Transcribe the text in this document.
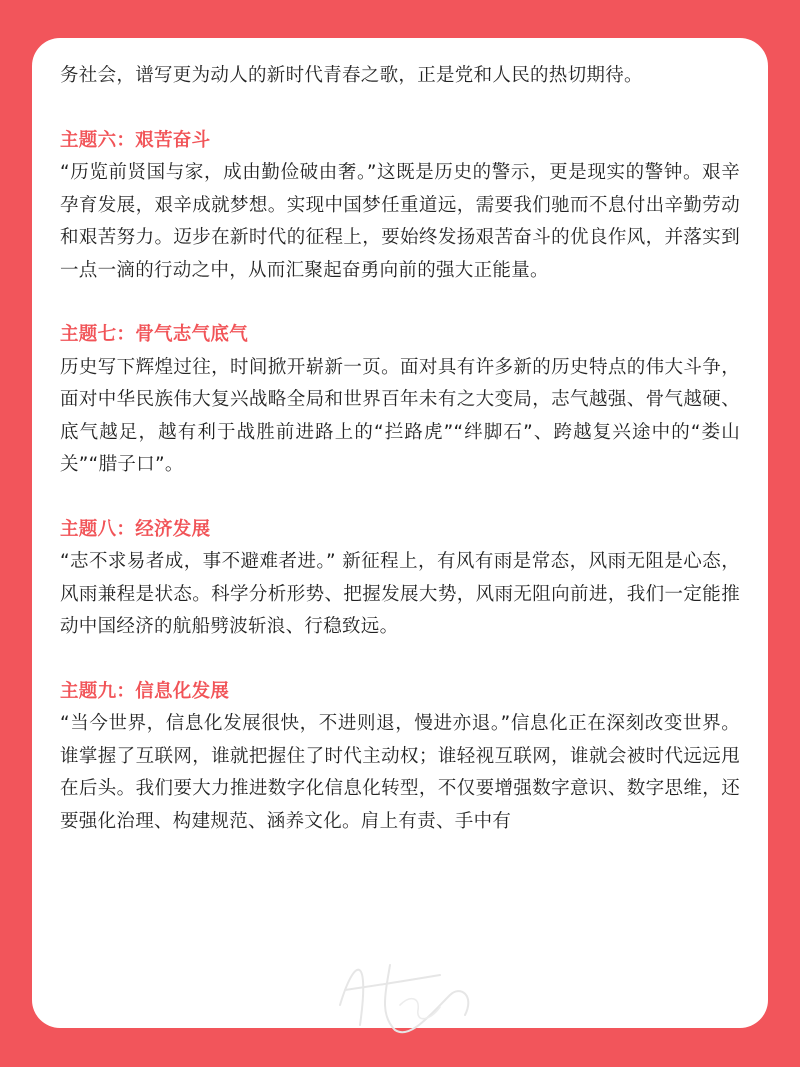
务社会，谱写更为动人的新时代青春之歌，正是党和人民的热切期待。

主题六：艰苦奋斗

“历览前贤国与家，成由勤俭破由奢。”这既是历史的警示，更是现实的警钟。艰辛孕育发展，艰辛成就梦想。实现中国梦任重道远，需要我们驰而不息付出辛勤劳动和艰苦努力。迈步在新时代的征程上，要始终发扬艰苦奋斗的优良作风，并落实到一点一滴的行动之中，从而汇聚起奋勇向前的强大正能量。

主题七：骨气志气底气

历史写下辉煌过往，时间掀开崭新一页。面对具有许多新的历史特点的伟大斗争，面对中华民族伟大复兴战略全局和世界百年未有之大变局，志气越强、骨气越硬、底气越足，越有利于战胜前进路上的“拦路虎”“绊脚石”、跨越复兴途中的“娄山关”“腊子口”。

主题八：经济发展

“志不求易者成，事不避难者进。” 新征程上，有风有雨是常态，风雨无阻是心态，风雨兼程是状态。科学分析形势、把握发展大势，风雨无阻向前进，我们一定能推动中国经济的航船劈波斩浪、行稳致远。

主题九：信息化发展

“当今世界，信息化发展很快，不进则退，慢进亦退。”信息化正在深刻改变世界。谁掌握了互联网，谁就把握住了时代主动权；谁轻视互联网，谁就会被时代远远甩在后头。我们要大力推进数字化信息化转型，不仅要增强数字意识、数字思维，还要强化治理、构建规范、涵养文化。肩上有责、手中有
